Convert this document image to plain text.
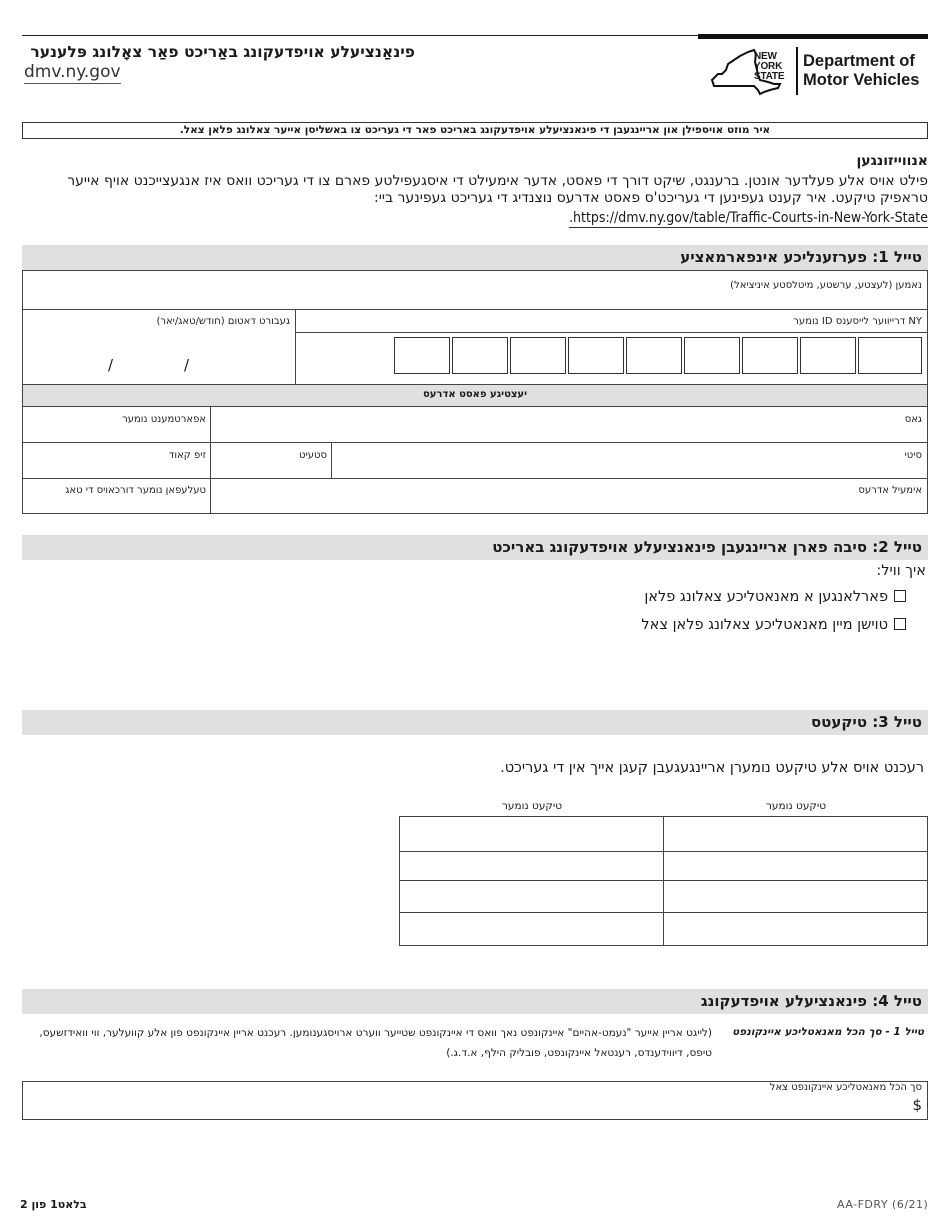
פינאַנציעלע אויפדעקונג באַריכט פאַר צאָלונג פּלענער
dmv.ny.gov
NEW
YORK
STATE
Department of
Motor Vehicles
איר מוזט אויספילן און אריינגעבן די פינאנציעלע אויפדעקונג באריכט פאר די געריכט צו באשליסן אייער צאלונג פלאן צאל.
אנווייזונגען
פילט אויס אלע פעלדער אונטן. ברענגט, שיקט דורך די פאסט, אדער אימעילט די איסגעפילטע פארם צו די געריכט וואס איז אנגעצייכנט אויף אייער טראפיק טיקעט. איר קענט געפינען די געריכט'ס פאסט אדרעס נוצנדיג די געריכט געפינער ביי:
.https://dmv.ny.gov/table/Traffic-Courts-in-New-York-State
טייל 1: פערזענליכע אינפארמאציע
נאמען (לעצטע, ערשטע, מיטלסטע איניציאל)
NY דרייווער לייסענס ID נומער
געבורט דאטום (חודש/טאג/יאר)
/	/
יעצטיגע פאסט אדרעס
גאס
אפארטמענט נומער
סיטי
סטעיט
זיפ קאוד
אימעיל אדרעס
טעלעפאן נומער דורכאויס די טאג
טייל 2: סיבה פארן אריינגעבן פינאנציעלע אויפדעקונג באריכט
איך וויל:
פארלאנגען א מאנאטליכע צאלונג פלאן
טוישן מיין מאנאטליכע צאלונג פלאן צאל
טייל 3: טיקעטס
רעכנט אויס אלע טיקעט נומערן אריינגעגעבן קעגן אייך אין די געריכט.
טיקעט נומער
טיקעט נומער
טייל 4: פינאנציעלע אויפדעקונג
טייל 1 - סך הכל מאנאטליכע איינקונפט
(לייגט אריין אייער "נעמט-אהיים" איינקונפט נאך וואס די איינקונפט שטייער ווערט ארויסגענומען. רעכנט אריין איינקונפט פון אלע קוועלער, ווי וואידזשעס, טיפס, דיווידענדס, רענטאל איינקונפט, פובליק הילף, א.ד.ג.)
סך הכל מאנאטליכע איינקונפט צאל
$
AA-FDRY (6/21)
בלאט1 פון 2
